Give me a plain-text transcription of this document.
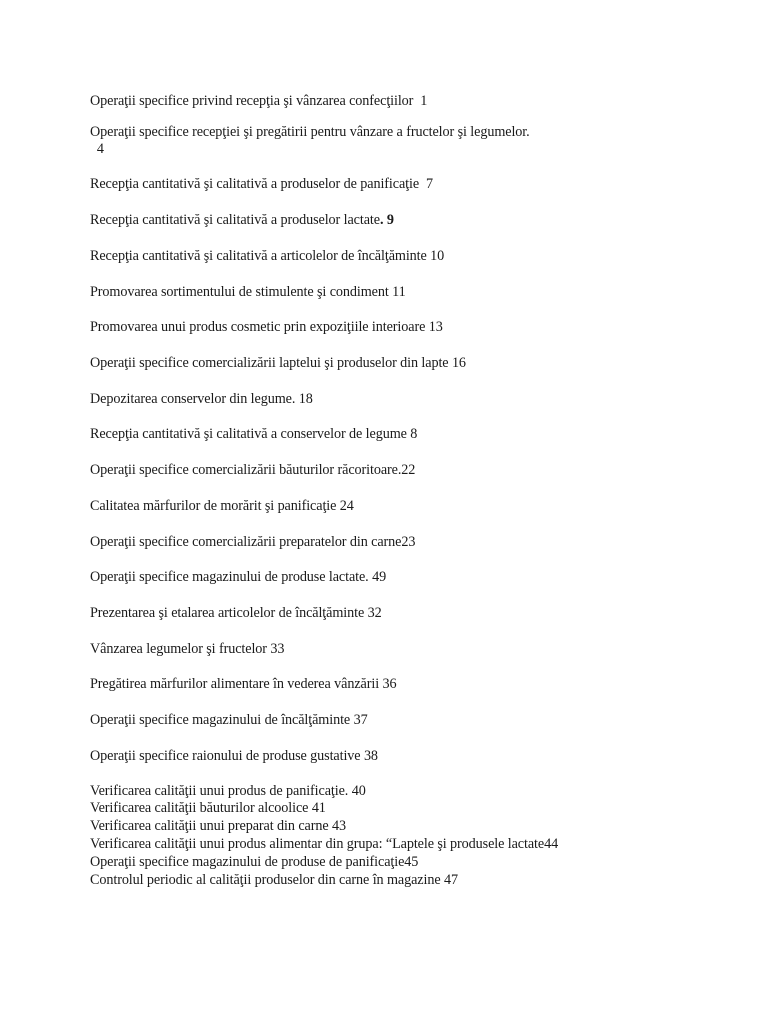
Operaţii specifice privind recepţia şi vânzarea confecţiilor 1
Operaţii specifice recepţiei şi pregătirii pentru vânzare a fructelor şi legumelor.  4
Recepţia cantitativă şi calitativă a produselor de panificaţie 7
Recepţia cantitativă şi calitativă a produselor lactate. 9
Recepţia cantitativă şi calitativă a articolelor de încălţăminte 10
Promovarea sortimentului de stimulente şi condiment 11
Promovarea unui produs cosmetic prin expoziţiile interioare 13
Operaţii specifice comercializării laptelui şi produselor din lapte 16
Depozitarea conservelor din legume. 18
Recepţia cantitativă şi calitativă a conservelor de legume 8
Operaţii specifice comercializării băuturilor răcoritoare.22
Calitatea mărfurilor de morărit şi panificaţie 24
Operaţii specifice comercializării preparatelor din carne23
Operaţii specifice magazinului de produse lactate. 49
Prezentarea şi etalarea articolelor de încălţăminte 32
Vânzarea legumelor şi fructelor 33
Pregătirea mărfurilor alimentare în vederea vânzării 36
Operaţii specifice magazinului de încălţăminte 37
Operaţii specifice raionului de produse gustative 38
Verificarea calităţii unui produs de panificaţie. 40
Verificarea calităţii băuturilor alcoolice 41
Verificarea calităţii unui preparat din carne 43
Verificarea calităţii unui produs alimentar din grupa: “Laptele şi produsele lactate44
Operaţii specifice magazinului de produse de panificaţie45
Controlul periodic al calităţii produselor din carne în magazine 47
